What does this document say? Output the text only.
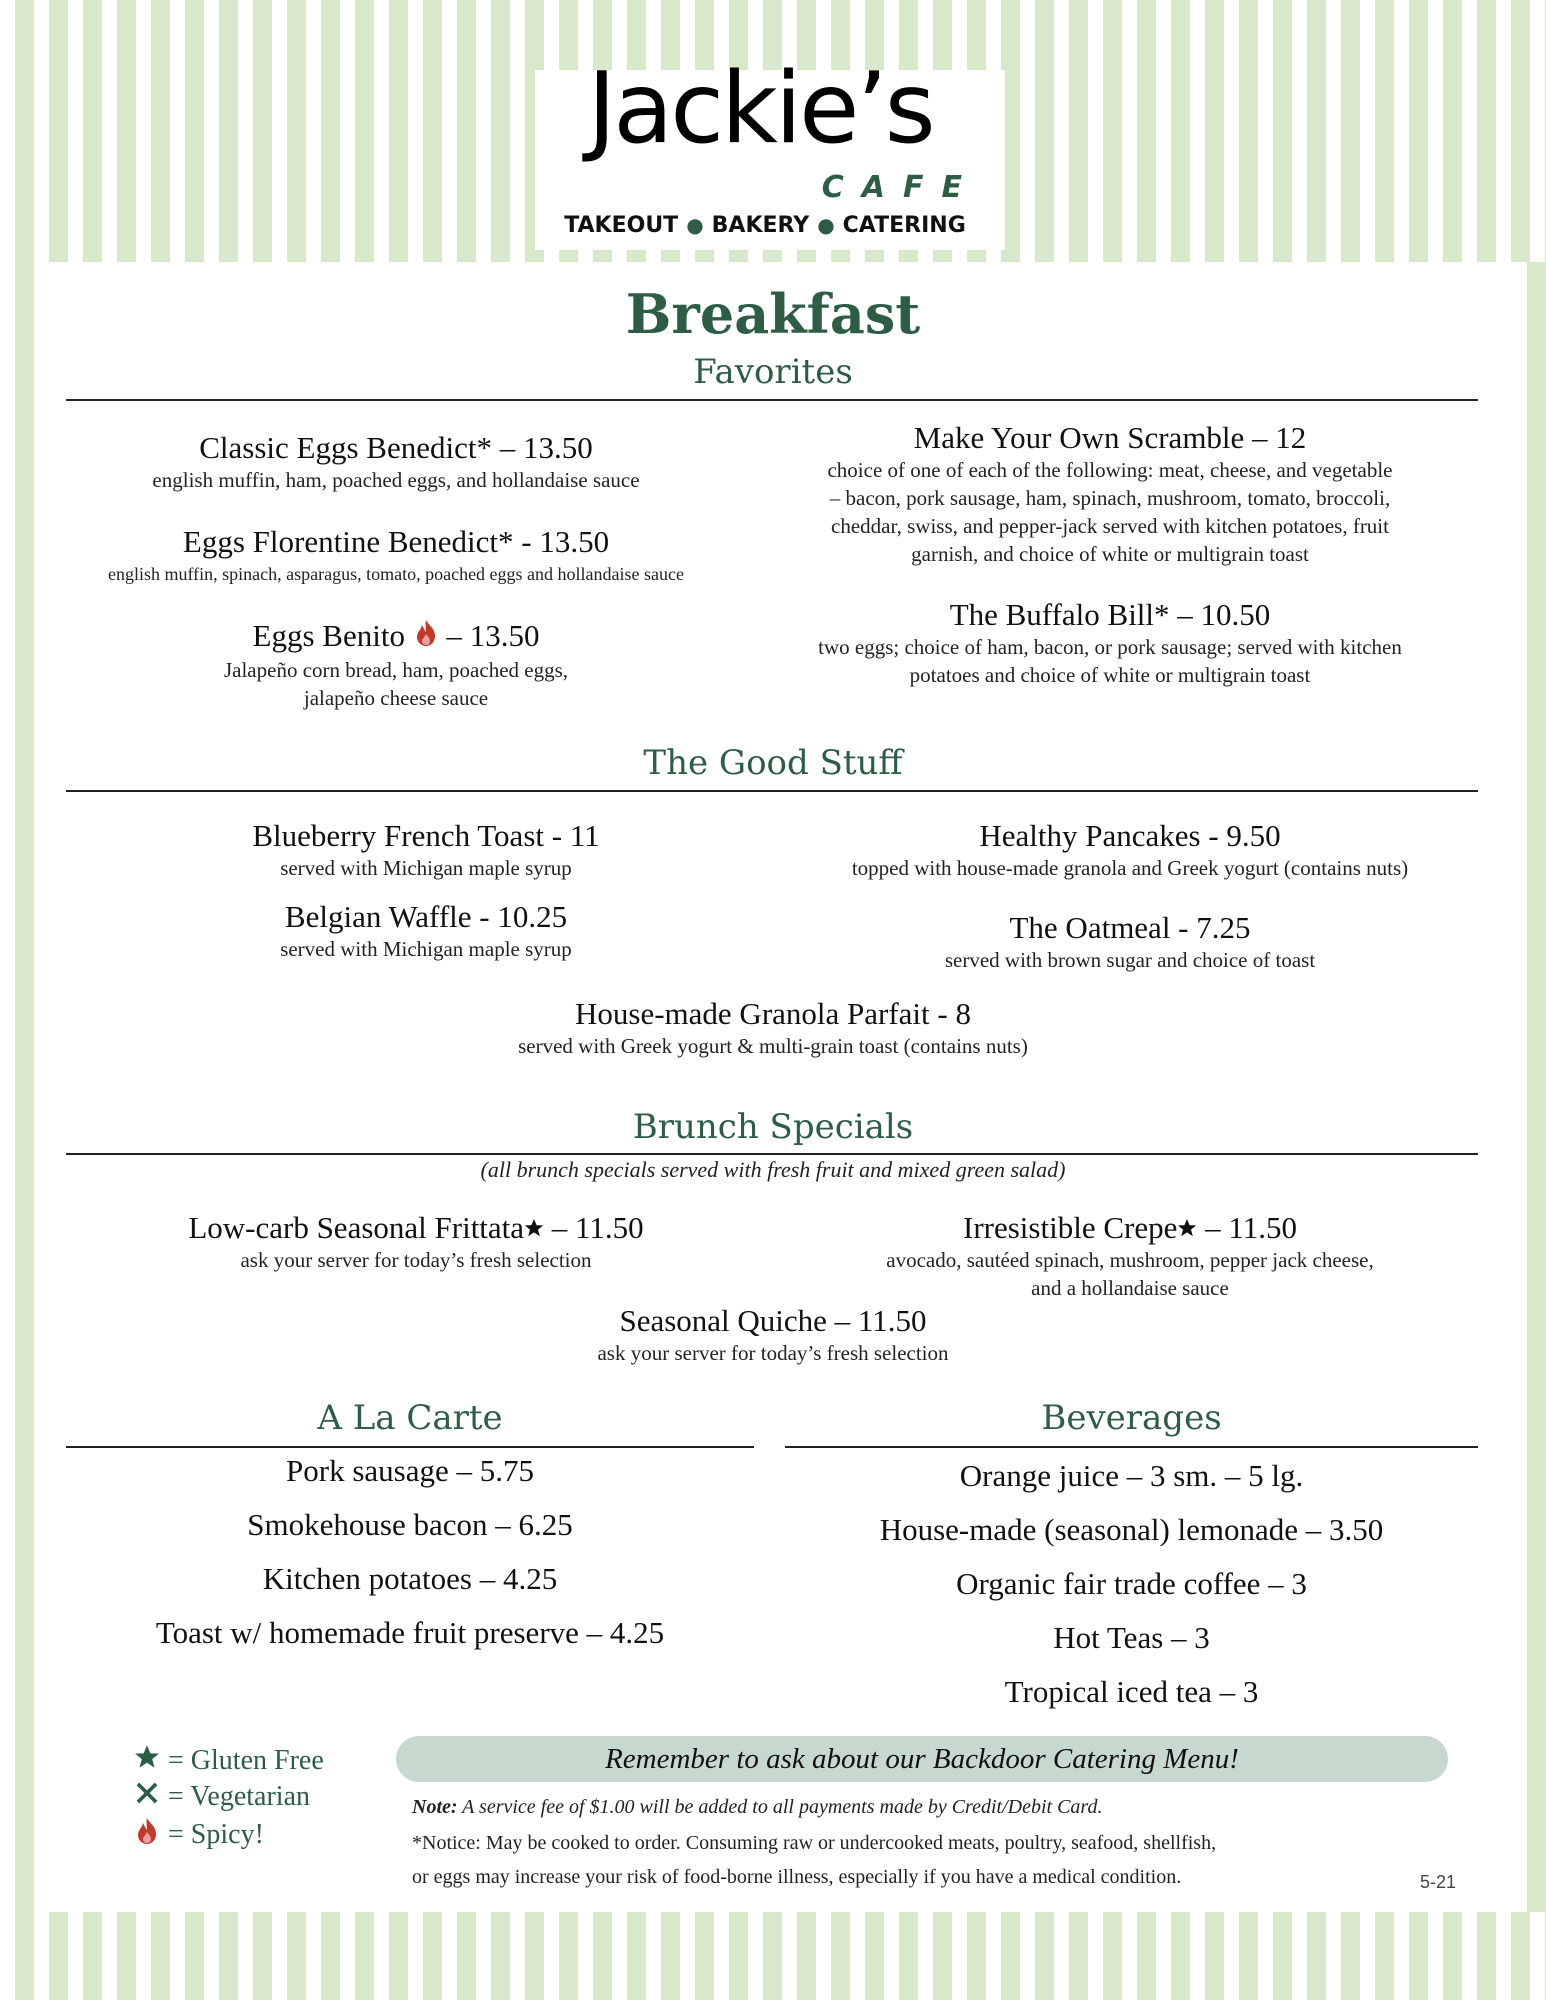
Jackie’s
CAFE
TAKEOUT ● BAKERY ● CATERING
Breakfast
Favorites
Classic Eggs Benedict* – 13.50
english muffin, ham, poached eggs, and hollandaise sauce
Eggs Florentine Benedict* - 13.50
english muffin, spinach, asparagus, tomato, poached eggs and hollandaise sauce
Eggs Benito – 13.50
Jalapeño corn bread, ham, poached eggs,
jalapeño cheese sauce
Make Your Own Scramble – 12
choice of one of each of the following: meat, cheese, and vegetable
– bacon, pork sausage, ham, spinach, mushroom, tomato, broccoli,
cheddar, swiss, and pepper-jack served with kitchen potatoes, fruit
garnish, and choice of white or multigrain toast
The Buffalo Bill* – 10.50
two eggs; choice of ham, bacon, or pork sausage; served with kitchen
potatoes and choice of white or multigrain toast
The Good Stuff
Blueberry French Toast - 11
served with Michigan maple syrup
Belgian Waffle - 10.25
served with Michigan maple syrup
Healthy Pancakes - 9.50
topped with house-made granola and Greek yogurt (contains nuts)
The Oatmeal - 7.25
served with brown sugar and choice of toast
House-made Granola Parfait - 8
served with Greek yogurt & multi-grain toast (contains nuts)
Brunch Specials
(all brunch specials served with fresh fruit and mixed green salad)
Low-carb Seasonal Frittata – 11.50
ask your server for today’s fresh selection
Irresistible Crepe – 11.50
avocado, sautéed spinach, mushroom, pepper jack cheese,
and a hollandaise sauce
Seasonal Quiche – 11.50
ask your server for today’s fresh selection
A La Carte
Pork sausage – 5.75
Smokehouse bacon – 6.25
Kitchen potatoes – 4.25
Toast w/ homemade fruit preserve – 4.25
Beverages
Orange juice – 3 sm. – 5 lg.
House-made (seasonal) lemonade – 3.50
Organic fair trade coffee – 3
Hot Teas – 3
Tropical iced tea – 3
= Gluten Free
= Vegetarian
= Spicy!
Remember to ask about our Backdoor Catering Menu!
Note: A service fee of $1.00 will be added to all payments made by Credit/Debit Card.
*Notice: May be cooked to order. Consuming raw or undercooked meats, poultry, seafood, shellfish,
or eggs may increase your risk of food-borne illness, especially if you have a medical condition.	5-21
